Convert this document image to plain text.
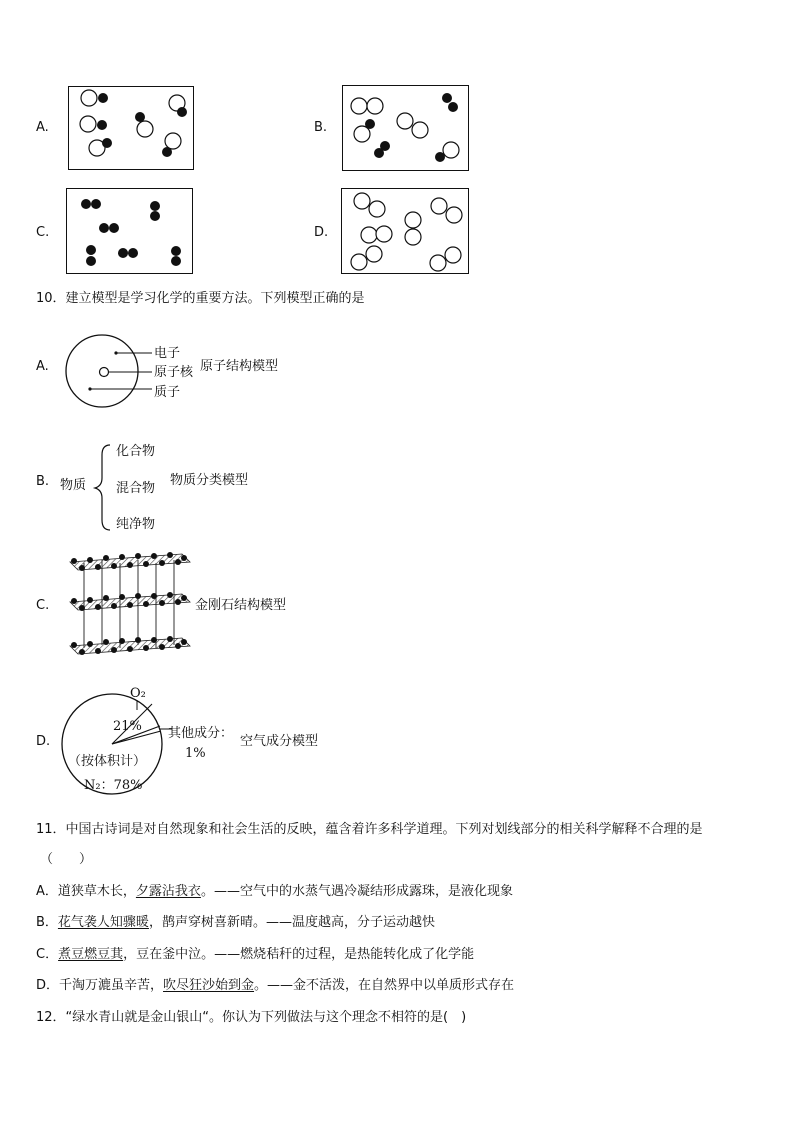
A.	B.
C.	D.
10．建立模型是学习化学的重要方法。下列模型正确的是
A.
电子
原子核
质子
原子结构模型
B. 物质
化合物
混合物
纯净物
物质分类模型
C.	金刚石结构模型
D.
O₂
21% 其他成分：
1%
（按体积计）
N₂：78%
空气成分模型
11．中国古诗词是对自然现象和社会生活的反映，蕴含着许多科学道理。下列对划线部分的相关科学解释不合理的是
（　　）
A．道狭草木长，夕露沾我衣。——空气中的水蒸气遇冷凝结形成露珠，是液化现象
B．花气袭人知骤暖，鹊声穿树喜新晴。——温度越高，分子运动越快
C．煮豆燃豆萁，豆在釜中泣。——燃烧秸秆的过程，是热能转化成了化学能
D．千淘万漉虽辛苦，吹尽狂沙始到金。——金不活泼，在自然界中以单质形式存在
12．“绿水青山就是金山银山“。你认为下列做法与这个理念不相符的是(　)
